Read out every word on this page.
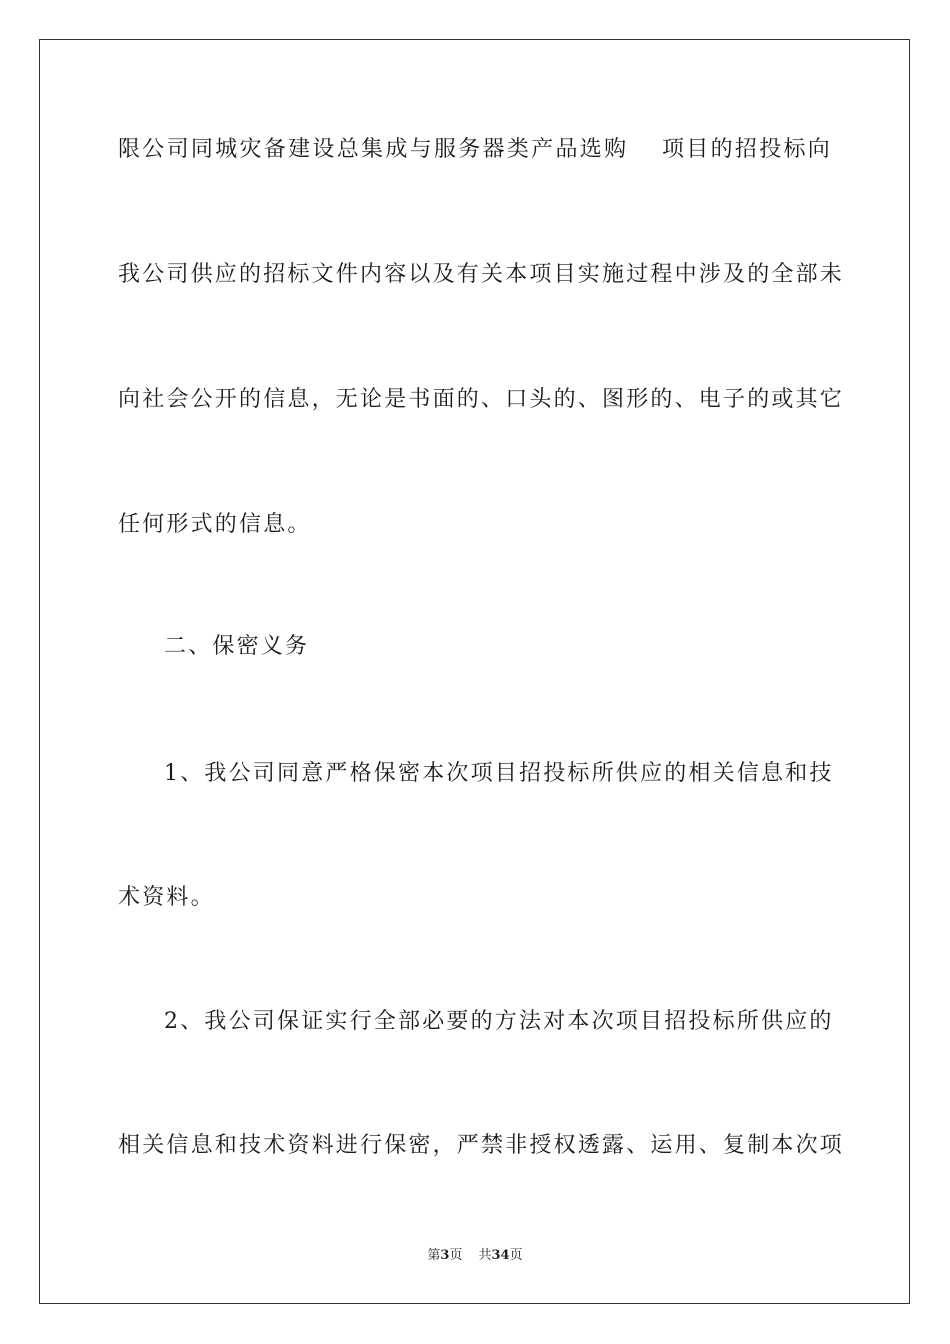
限公司同城灾备建设总集成与服务器类产品选购　 项目的招投标向
我公司供应的招标文件内容以及有关本项目实施过程中涉及的全部未
向社会公开的信息，无论是书面的、口头的、图形的、电子的或其它
任何形式的信息。
二、保密义务
1、我公司同意严格保密本次项目招投标所供应的相关信息和技
术资料。
2、我公司保证实行全部必要的方法对本次项目招投标所供应的
相关信息和技术资料进行保密，严禁非授权透露、运用、复制本次项
第3页 共34页
